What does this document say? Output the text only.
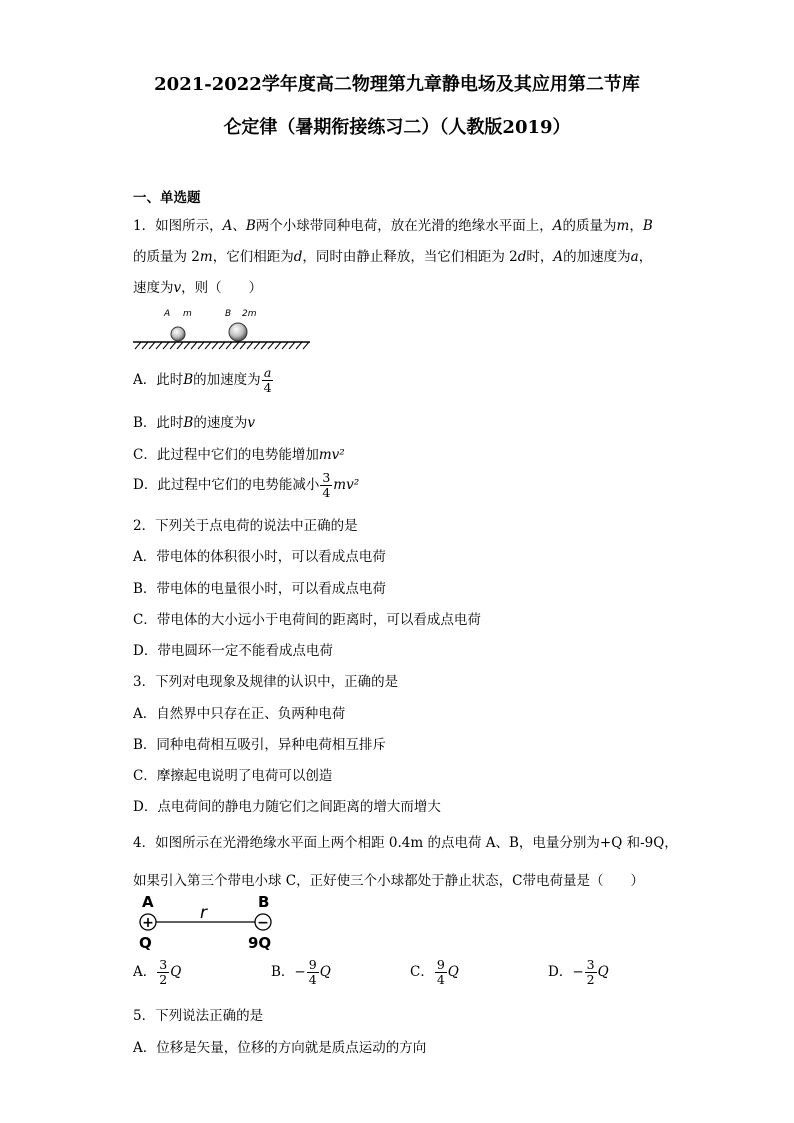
2021-2022学年度高二物理第九章静电场及其应用第二节库
仑定律（暑期衔接练习二）（人教版2019）
一、单选题
1．如图所示，A、B两个小球带同种电荷，放在光滑的绝缘水平面上，A的质量为m，B
的质量为 2m，它们相距为d，同时由静止释放，当它们相距为 2d时，A的加速度为a，
速度为v，则（　　）
A m	B 2m
A．此时B的加速度为 $\frac{a}{4}$
B．此时B的速度为v
C．此过程中它们的电势能增加mv²
D．此过程中它们的电势能减小 $\frac{3}{4} mv^2$
2．下列关于点电荷的说法中正确的是
A．带电体的体积很小时，可以看成点电荷
B．带电体的电量很小时，可以看成点电荷
C．带电体的大小远小于电荷间的距离时，可以看成点电荷
D．带电圆环一定不能看成点电荷
3．下列对电现象及规律的认识中，正确的是
A．自然界中只存在正、负两种电荷
B．同种电荷相互吸引，异种电荷相互排斥
C．摩擦起电说明了电荷可以创造
D．点电荷间的静电力随它们之间距离的增大而增大
4．如图所示在光滑绝缘水平面上两个相距 0.4m 的点电荷 A、B，电量分别为+Q 和-9Q，
如果引入第三个带电小球 C，正好使三个小球都处于静止状态，C带电荷量是（　　）
A	B
r
+	−
Q	9Q
A． $\frac{3}{2}$ Q	B．− $\frac{9}{4}$ Q	C． $\frac{9}{4}$ Q	D．− $\frac{3}{2}$ Q
5．下列说法正确的是
A．位移是矢量，位移的方向就是质点运动的方向
